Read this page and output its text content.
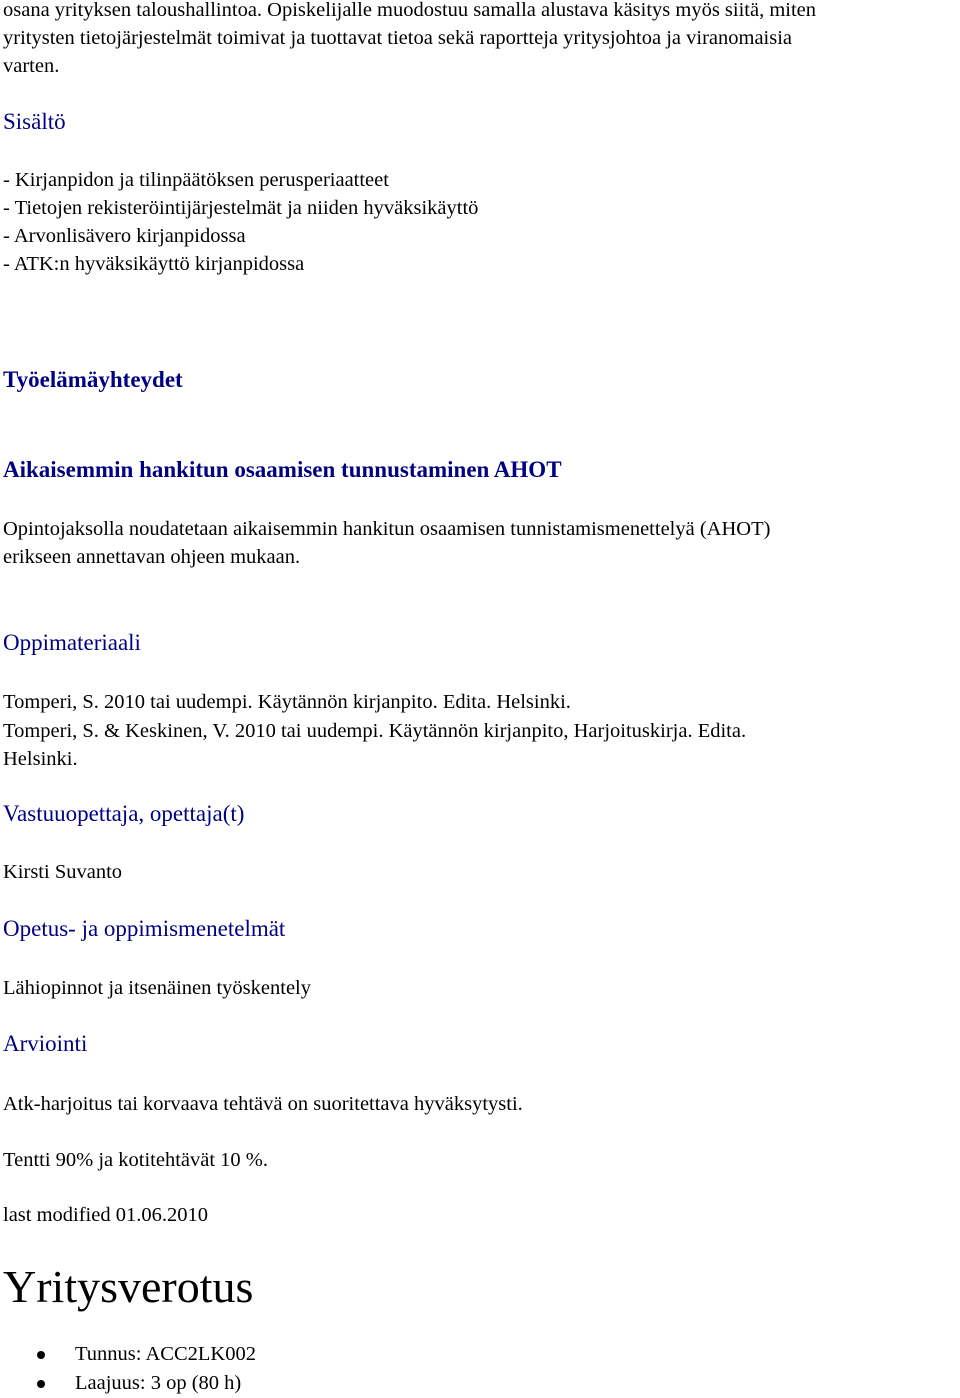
osana yrityksen taloushallintoa. Opiskelijalle muodostuu samalla alustava käsitys myös siitä, miten
yritysten tietojärjestelmät toimivat ja tuottavat tietoa sekä raportteja yritysjohtoa ja viranomaisia
varten.
Sisältö
- Kirjanpidon ja tilinpäätöksen perusperiaatteet
- Tietojen rekisteröintijärjestelmät ja niiden hyväksikäyttö
- Arvonlisävero kirjanpidossa
- ATK:n hyväksikäyttö kirjanpidossa
Työelämäyhteydet
Aikaisemmin hankitun osaamisen tunnustaminen AHOT
Opintojaksolla noudatetaan aikaisemmin hankitun osaamisen tunnistamismenettelyä (AHOT)
erikseen annettavan ohjeen mukaan.
Oppimateriaali
Tomperi, S. 2010 tai uudempi. Käytännön kirjanpito. Edita. Helsinki.
Tomperi, S. & Keskinen, V. 2010 tai uudempi. Käytännön kirjanpito, Harjoituskirja. Edita.
Helsinki.
Vastuuopettaja, opettaja(t)
Kirsti Suvanto
Opetus- ja oppimismenetelmät
Lähiopinnot ja itsenäinen työskentely
Arviointi
Atk-harjoitus tai korvaava tehtävä on suoritettava hyväksytysti.
Tentti 90% ja kotitehtävät 10 %.
last modified 01.06.2010
Yritysverotus
Tunnus: ACC2LK002
Laajuus: 3 op (80 h)
